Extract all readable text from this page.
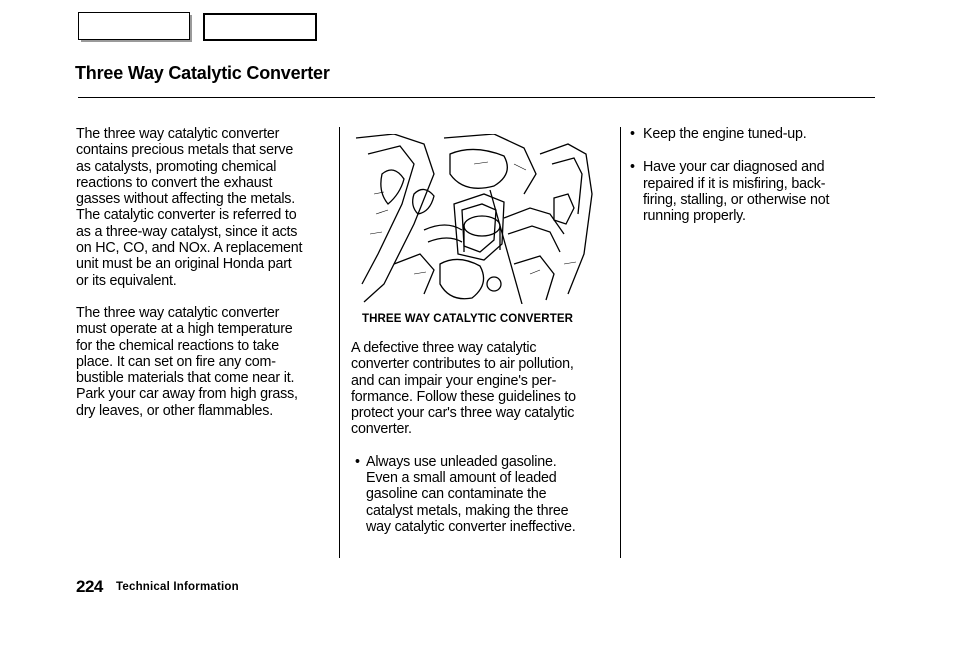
Three Way Catalytic Converter

The three way catalytic converter
contains precious metals that serve
as catalysts, promoting chemical
reactions to convert the exhaust
gasses without affecting the metals.
The catalytic converter is referred to
as a three-way catalyst, since it acts
on HC, CO, and NOx. A replacement
unit must be an original Honda part
or its equivalent.

The three way catalytic converter
must operate at a high temperature
for the chemical reactions to take
place. It can set on fire any com-
bustible materials that come near it.
Park your car away from high grass,
dry leaves, or other flammables.

THREE WAY CATALYTIC CONVERTER

A defective three way catalytic
converter contributes to air pollution,
and can impair your engine's per-
formance. Follow these guidelines to
protect your car's three way catalytic
converter.

• Always use unleaded gasoline.
Even a small amount of leaded
gasoline can contaminate the
catalyst metals, making the three
way catalytic converter ineffective.

• Keep the engine tuned-up.

• Have your car diagnosed and
repaired if it is misfiring, back-
firing, stalling, or otherwise not
running properly.

224 Technical Information
